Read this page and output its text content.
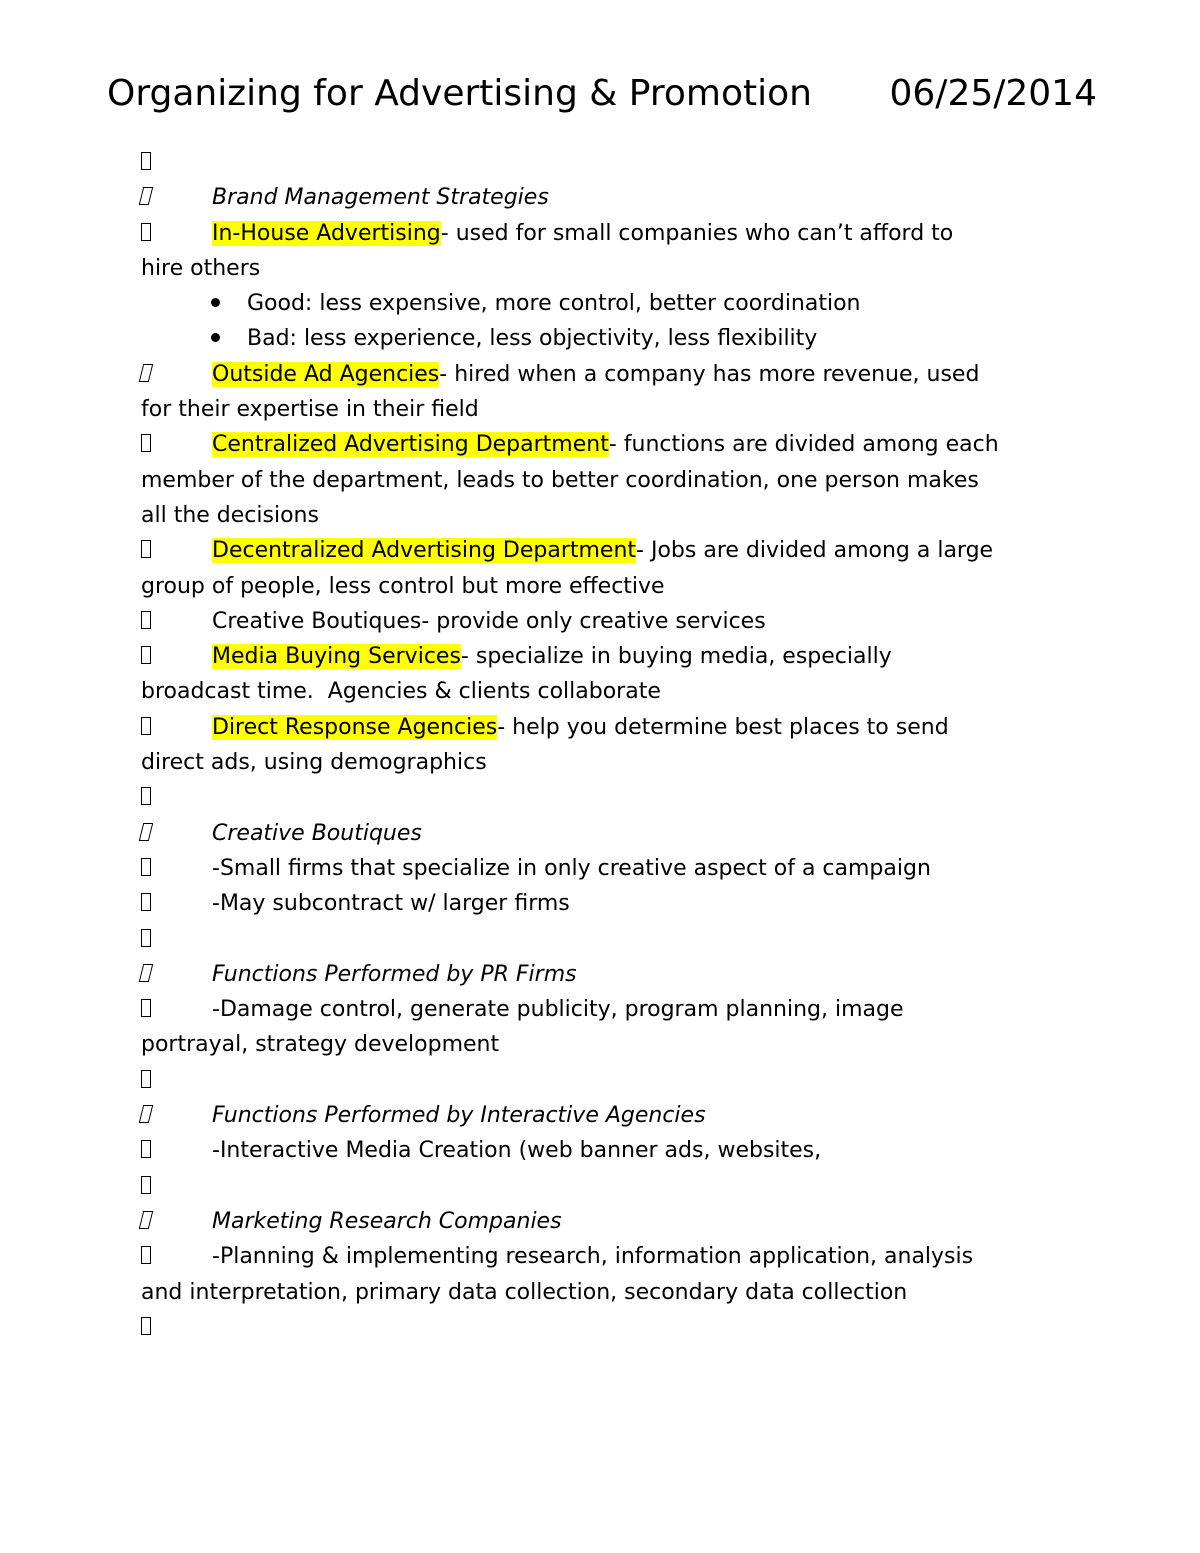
Organizing for Advertising & Promotion 06/25/2014
Brand Management Strategies
In-House Advertising- used for small companies who can’t afford to
hire others
Good: less expensive, more control, better coordination
Bad: less experience, less objectivity, less flexibility
Outside Ad Agencies- hired when a company has more revenue, used
for their expertise in their field
Centralized Advertising Department- functions are divided among each
member of the department, leads to better coordination, one person makes
all the decisions
Decentralized Advertising Department- Jobs are divided among a large
group of people, less control but more effective
Creative Boutiques- provide only creative services
Media Buying Services- specialize in buying media, especially
broadcast time.  Agencies & clients collaborate
Direct Response Agencies- help you determine best places to send
direct ads, using demographics
Creative Boutiques
-Small firms that specialize in only creative aspect of a campaign
-May subcontract w/ larger firms
Functions Performed by PR Firms
-Damage control, generate publicity, program planning, image
portrayal, strategy development
Functions Performed by Interactive Agencies
-Interactive Media Creation (web banner ads, websites,
Marketing Research Companies
-Planning & implementing research, information application, analysis
and interpretation, primary data collection, secondary data collection
